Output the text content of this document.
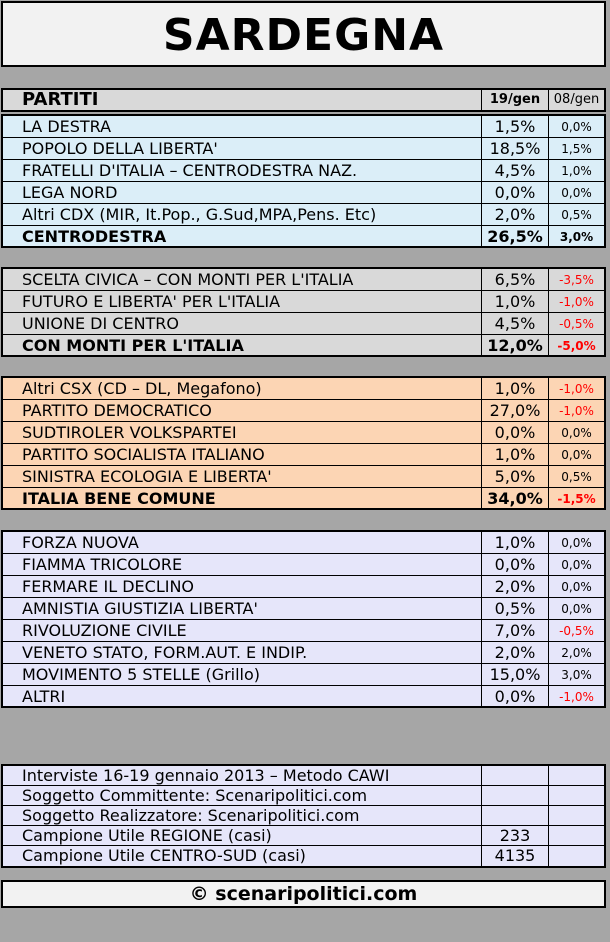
SARDEGNA
PARTITI	19/gen	08/gen
LA DESTRA	1,5%	0,0%
POPOLO DELLA LIBERTA'	18,5%	1,5%
FRATELLI D'ITALIA – CENTRODESTRA NAZ.	4,5%	1,0%
LEGA NORD	0,0%	0,0%
Altri CDX (MIR, It.Pop., G.Sud,MPA,Pens. Etc)	2,0%	0,5%
CENTRODESTRA	26,5%	3,0%
SCELTA CIVICA – CON MONTI PER L'ITALIA	6,5%	-3,5%
FUTURO E LIBERTA' PER L'ITALIA	1,0%	-1,0%
UNIONE DI CENTRO	4,5%	-0,5%
CON MONTI PER L'ITALIA	12,0%	-5,0%
Altri CSX (CD – DL, Megafono)	1,0%	-1,0%
PARTITO DEMOCRATICO	27,0%	-1,0%
SUDTIROLER VOLKSPARTEI	0,0%	0,0%
PARTITO SOCIALISTA ITALIANO	1,0%	0,0%
SINISTRA ECOLOGIA E LIBERTA'	5,0%	0,5%
ITALIA BENE COMUNE	34,0%	-1,5%
FORZA NUOVA	1,0%	0,0%
FIAMMA TRICOLORE	0,0%	0,0%
FERMARE IL DECLINO	2,0%	0,0%
AMNISTIA GIUSTIZIA LIBERTA'	0,5%	0,0%
RIVOLUZIONE CIVILE	7,0%	-0,5%
VENETO STATO, FORM.AUT. E INDIP.	2,0%	2,0%
MOVIMENTO 5 STELLE (Grillo)	15,0%	3,0%
ALTRI	0,0%	-1,0%
Interviste 16-19 gennaio 2013 – Metodo CAWI
Soggetto Committente: Scenaripolitici.com
Soggetto Realizzatore: Scenaripolitici.com
Campione Utile REGIONE (casi)	233
Campione Utile CENTRO-SUD (casi)	4135
© scenaripolitici.com
